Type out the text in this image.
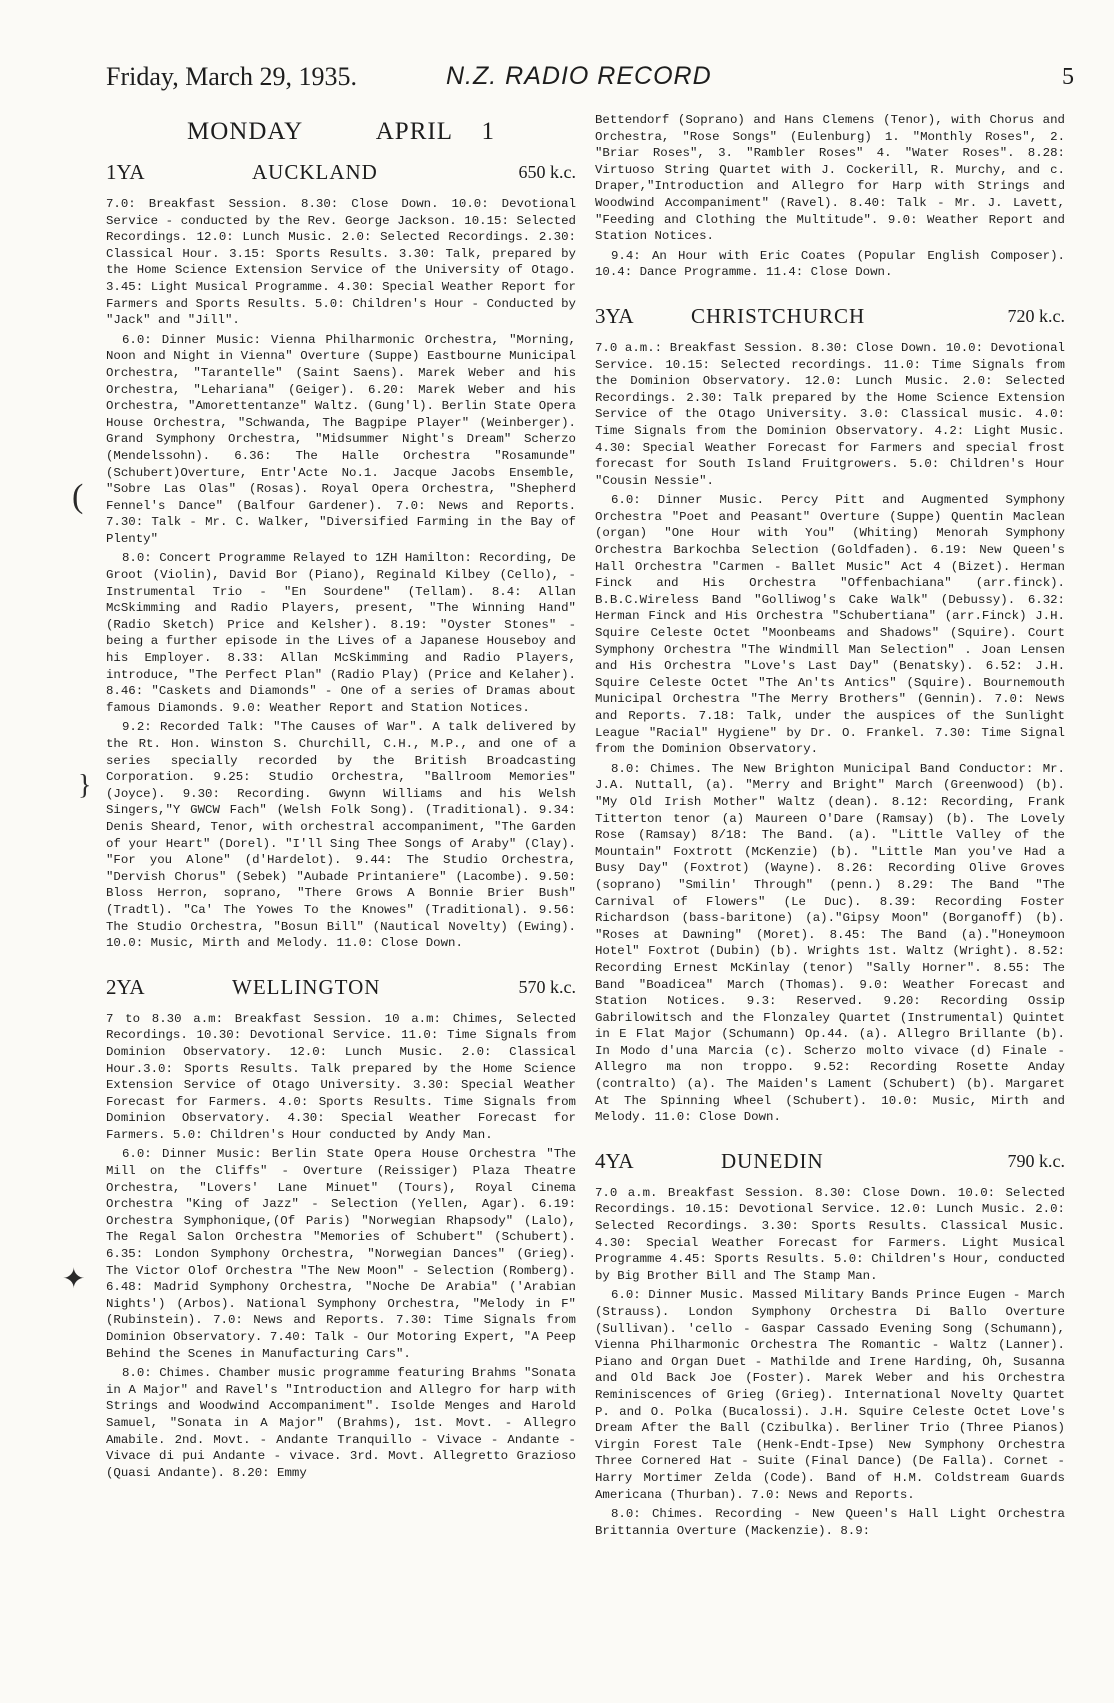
Friday, March 29, 1935.	N.Z. RADIO RECORD	5
(
}
✦
MONDAY	APRIL 1
1YA	AUCKLAND	650 k.c.

7.0: Breakfast Session. 8.30: Close Down. 10.0: Devotional Service - conducted by the Rev. George Jackson. 10.15: Selected Recordings. 12.0: Lunch Music. 2.0: Selected Recordings. 2.30: Classical Hour. 3.15: Sports Results. 3.30: Talk, prepared by the Home Science Extension Service of the University of Otago. 3.45: Light Musical Programme. 4.30: Special Weather Report for Farmers and Sports Results. 5.0: Children's Hour - Conducted by "Jack" and "Jill".

6.0: Dinner Music: Vienna Philharmonic Orchestra, "Morning, Noon and Night in Vienna" Overture (Suppe) Eastbourne Municipal Orchestra, "Tarantelle" (Saint Saens). Marek Weber and his Orchestra, "Lehariana" (Geiger). 6.20: Marek Weber and his Orchestra, "Amorettentanze" Waltz. (Gung'l). Berlin State Opera House Orchestra, "Schwanda, The Bagpipe Player" (Weinberger). Grand Symphony Orchestra, "Midsummer Night's Dream" Scherzo (Mendelssohn). 6.36: The Halle Orchestra "Rosamunde" (Schubert)Overture, Entr'Acte No.1. Jacque Jacobs Ensemble, "Sobre Las Olas" (Rosas). Royal Opera Orchestra, "Shepherd Fennel's Dance" (Balfour Gardener). 7.0: News and Reports. 7.30: Talk - Mr. C. Walker, "Diversified Farming in the Bay of Plenty"

8.0: Concert Programme Relayed to 1ZH Hamilton: Recording, De Groot (Violin), David Bor (Piano), Reginald Kilbey (Cello), - Instrumental Trio - "En Sourdene" (Tellam). 8.4: Allan McSkimming and Radio Players, present, "The Winning Hand" (Radio Sketch) Price and Kelsher). 8.19: "Oyster Stones" - being a further episode in the Lives of a Japanese Houseboy and his Employer. 8.33: Allan McSkimming and Radio Players, introduce, "The Perfect Plan" (Radio Play) (Price and Kelaher). 8.46: "Caskets and Diamonds" - One of a series of Dramas about famous Diamonds. 9.0: Weather Report and Station Notices.

9.2: Recorded Talk: "The Causes of War". A talk delivered by the Rt. Hon. Winston S. Churchill, C.H., M.P., and one of a series specially recorded by the British Broadcasting Corporation. 9.25: Studio Orchestra, "Ballroom Memories" (Joyce). 9.30: Recording. Gwynn Williams and his Welsh Singers,"Y GWCW Fach" (Welsh Folk Song). (Traditional). 9.34: Denis Sheard, Tenor, with orchestral accompaniment, "The Garden of your Heart" (Dorel). "I'll Sing Thee Songs of Araby" (Clay). "For you Alone" (d'Hardelot). 9.44: The Studio Orchestra, "Dervish Chorus" (Sebek) "Aubade Printaniere" (Lacombe). 9.50: Bloss Herron, soprano, "There Grows A Bonnie Brier Bush" (Tradtl). "Ca' The Yowes To the Knowes" (Traditional). 9.56: The Studio Orchestra, "Bosun Bill" (Nautical Novelty) (Ewing). 10.0: Music, Mirth and Melody. 11.0: Close Down.

2YA	WELLINGTON	570 k.c.

7 to 8.30 a.m: Breakfast Session. 10 a.m: Chimes, Selected Recordings. 10.30: Devotional Service. 11.0: Time Signals from Dominion Observatory. 12.0: Lunch Music. 2.0: Classical Hour.3.0: Sports Results. Talk prepared by the Home Science Extension Service of Otago University. 3.30: Special Weather Forecast for Farmers. 4.0: Sports Results. Time Signals from Dominion Observatory. 4.30: Special Weather Forecast for Farmers. 5.0: Children's Hour conducted by Andy Man.

6.0: Dinner Music: Berlin State Opera House Orchestra "The Mill on the Cliffs" - Overture (Reissiger) Plaza Theatre Orchestra, "Lovers' Lane Minuet" (Tours), Royal Cinema Orchestra "King of Jazz" - Selection (Yellen, Agar). 6.19: Orchestra Symphonique,(Of Paris) "Norwegian Rhapsody" (Lalo), The Regal Salon Orchestra "Memories of Schubert" (Schubert). 6.35: London Symphony Orchestra, "Norwegian Dances" (Grieg). The Victor Olof Orchestra "The New Moon" - Selection (Romberg). 6.48: Madrid Symphony Orchestra, "Noche De Arabia" ('Arabian Nights') (Arbos). National Symphony Orchestra, "Melody in F" (Rubinstein). 7.0: News and Reports. 7.30: Time Signals from Dominion Observatory. 7.40: Talk - Our Motoring Expert, "A Peep Behind the Scenes in Manufacturing Cars".

8.0: Chimes. Chamber music programme featuring Brahms "Sonata in A Major" and Ravel's "Introduction and Allegro for harp with Strings and Woodwind Accompaniment". Isolde Menges and Harold Samuel, "Sonata in A Major" (Brahms), 1st. Movt. - Allegro Amabile. 2nd. Movt. - Andante Tranquillo - Vivace - Andante - Vivace di pui Andante - vivace. 3rd. Movt. Allegretto Grazioso (Quasi Andante). 8.20: Emmy

Bettendorf (Soprano) and Hans Clemens (Tenor), with Chorus and Orchestra, "Rose Songs" (Eulenburg) 1. "Monthly Roses", 2. "Briar Roses", 3. "Rambler Roses" 4. "Water Roses". 8.28: Virtuoso String Quartet with J. Cockerill, R. Murchy, and c. Draper,"Introduction and Allegro for Harp with Strings and Woodwind Accompaniment" (Ravel). 8.40: Talk - Mr. J. Lavett, "Feeding and Clothing the Multitude". 9.0: Weather Report and Station Notices.

9.4: An Hour with Eric Coates (Popular English Composer). 10.4: Dance Programme. 11.4: Close Down.

3YA	CHRISTCHURCH	720 k.c.

7.0 a.m.: Breakfast Session. 8.30: Close Down. 10.0: Devotional Service. 10.15: Selected recordings. 11.0: Time Signals from the Dominion Observatory. 12.0: Lunch Music. 2.0: Selected Recordings. 2.30: Talk prepared by the Home Science Extension Service of the Otago University. 3.0: Classical music. 4.0: Time Signals from the Dominion Observatory. 4.2: Light Music. 4.30: Special Weather Forecast for Farmers and special frost forecast for South Island Fruitgrowers. 5.0: Children's Hour "Cousin Nessie".

6.0: Dinner Music. Percy Pitt and Augmented Symphony Orchestra "Poet and Peasant" Overture (Suppe) Quentin Maclean (organ) "One Hour with You" (Whiting) Menorah Symphony Orchestra Barkochba Selection (Goldfaden). 6.19: New Queen's Hall Orchestra "Carmen - Ballet Music" Act 4 (Bizet). Herman Finck and His Orchestra "Offenbachiana" (arr.finck). B.B.C.Wireless Band "Golliwog's Cake Walk" (Debussy). 6.32: Herman Finck and His Orchestra "Schubertiana" (arr.Finck) J.H. Squire Celeste Octet "Moonbeams and Shadows" (Squire). Court Symphony Orchestra "The Windmill Man Selection" . Joan Lensen and His Orchestra "Love's Last Day" (Benatsky). 6.52: J.H. Squire Celeste Octet "The An'ts Antics" (Squire). Bournemouth Municipal Orchestra "The Merry Brothers" (Gennin). 7.0: News and Reports. 7.18: Talk, under the auspices of the Sunlight League "Racial" Hygiene" by Dr. O. Frankel. 7.30: Time Signal from the Dominion Observatory.

8.0: Chimes. The New Brighton Municipal Band Conductor: Mr. J.A. Nuttall, (a). "Merry and Bright" March (Greenwood) (b). "My Old Irish Mother" Waltz (dean). 8.12: Recording, Frank Titterton tenor (a) Maureen O'Dare (Ramsay) (b). The Lovely Rose (Ramsay) 8/18: The Band. (a). "Little Valley of the Mountain" Foxtrott (McKenzie) (b). "Little Man you've Had a Busy Day" (Foxtrot) (Wayne). 8.26: Recording Olive Groves (soprano) "Smilin' Through" (penn.) 8.29: The Band "The Carnival of Flowers" (Le Duc). 8.39: Recording Foster Richardson (bass-baritone) (a)."Gipsy Moon" (Borganoff) (b). "Roses at Dawning" (Moret). 8.45: The Band (a)."Honeymoon Hotel" Foxtrot (Dubin) (b). Wrights 1st. Waltz (Wright). 8.52: Recording Ernest McKinlay (tenor) "Sally Horner". 8.55: The Band "Boadicea" March (Thomas). 9.0: Weather Forecast and Station Notices. 9.3: Reserved. 9.20: Recording Ossip Gabrilowitsch and the Flonzaley Quartet (Instrumental) Quintet in E Flat Major (Schumann) Op.44. (a). Allegro Brillante (b). In Modo d'una Marcia (c). Scherzo molto vivace (d) Finale - Allegro ma non troppo. 9.52: Recording Rosette Anday (contralto) (a). The Maiden's Lament (Schubert) (b). Margaret At The Spinning Wheel (Schubert). 10.0: Music, Mirth and Melody. 11.0: Close Down.

4YA	DUNEDIN	790 k.c.

7.0 a.m. Breakfast Session. 8.30: Close Down. 10.0: Selected Recordings. 10.15: Devotional Service. 12.0: Lunch Music. 2.0: Selected Recordings. 3.30: Sports Results. Classical Music. 4.30: Special Weather Forecast for Farmers. Light Musical Programme 4.45: Sports Results. 5.0: Children's Hour, conducted by Big Brother Bill and The Stamp Man.

6.0: Dinner Music. Massed Military Bands Prince Eugen - March (Strauss). London Symphony Orchestra Di Ballo Overture (Sullivan). 'cello - Gaspar Cassado Evening Song (Schumann), Vienna Philharmonic Orchestra The Romantic - Waltz (Lanner). Piano and Organ Duet - Mathilde and Irene Harding, Oh, Susanna and Old Back Joe (Foster). Marek Weber and his Orchestra Reminiscences of Grieg (Grieg). International Novelty Quartet P. and O. Polka (Bucalossi). J.H. Squire Celeste Octet Love's Dream After the Ball (Czibulka). Berliner Trio (Three Pianos) Virgin Forest Tale (Henk-Endt-Ipse) New Symphony Orchestra Three Cornered Hat - Suite (Final Dance) (De Falla). Cornet - Harry Mortimer Zelda (Code). Band of H.M. Coldstream Guards Americana (Thurban). 7.0: News and Reports.

8.0: Chimes. Recording - New Queen's Hall Light Orchestra Brittannia Overture (Mackenzie). 8.9:
